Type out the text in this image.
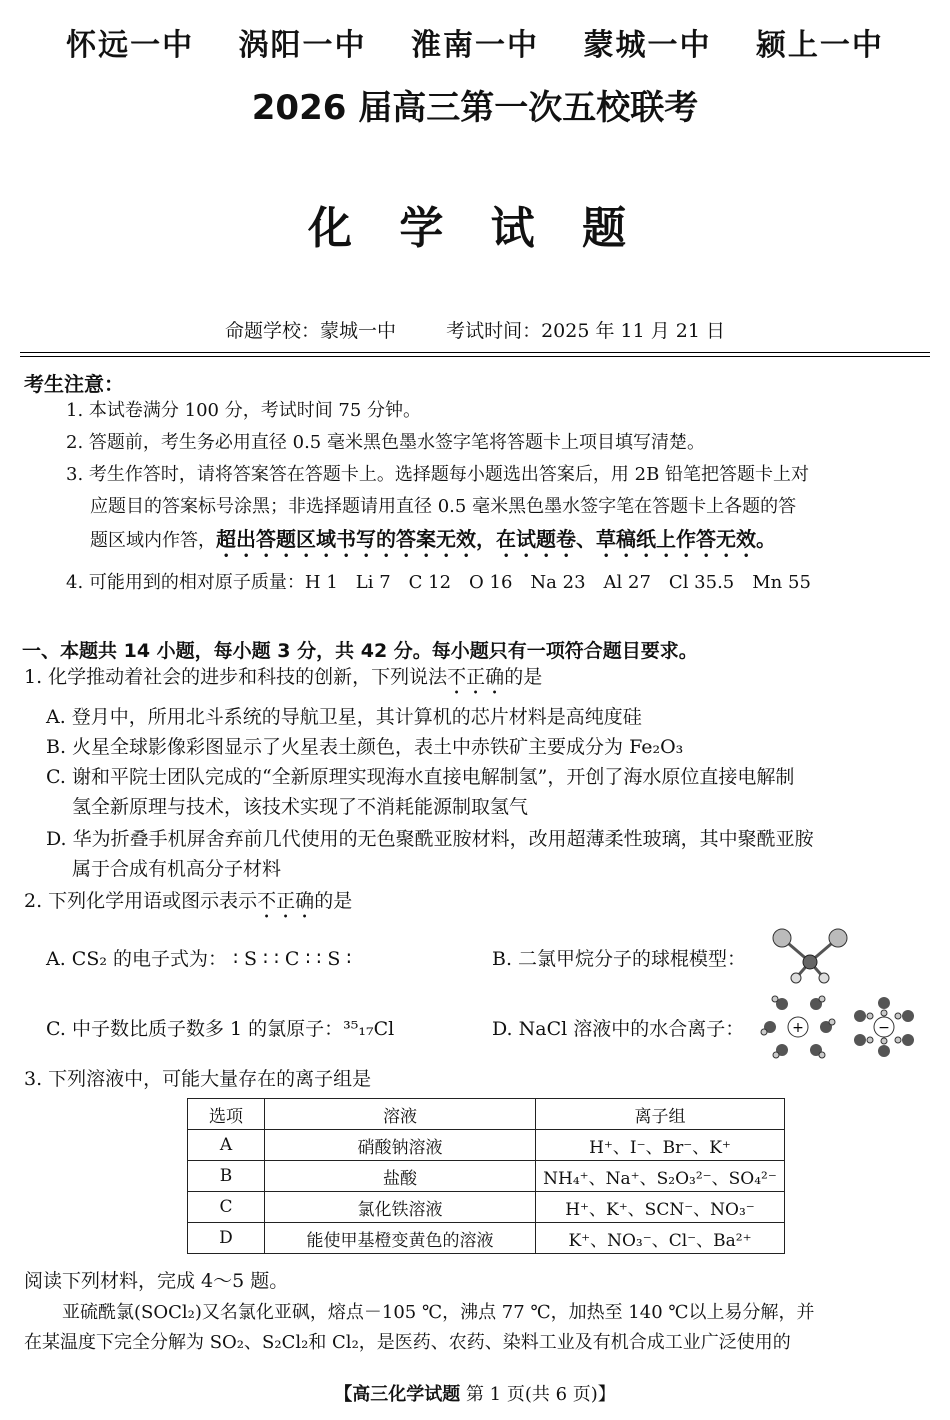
怀远一中 涡阳一中 淮南一中 蒙城一中 颍上一中
2026 届高三第一次五校联考
化 学 试 题
命题学校：蒙城一中	考试时间：2025 年 11 月 21 日
考生注意：
1. 本试卷满分 100 分，考试时间 75 分钟。
2. 答题前，考生务必用直径 0.5 毫米黑色墨水签字笔将答题卡上项目填写清楚。
3. 考生作答时，请将答案答在答题卡上。选择题每小题选出答案后，用 2B 铅笔把答题卡上对
应题目的答案标号涂黑；非选择题请用直径 0.5 毫米黑色墨水签字笔在答题卡上各题的答
题区域内作答，超出答题区域书写的答案无效，在试题卷、草稿纸上作答无效。
4. 可能用到的相对原子质量：H 1　Li 7　C 12　O 16　Na 23　Al 27　Cl 35.5　Mn 55
一、本题共 14 小题，每小题 3 分，共 42 分。每小题只有一项符合题目要求。
1. 化学推动着社会的进步和科技的创新，下列说法不正确的是
A. 登月中，所用北斗系统的导航卫星，其计算机的芯片材料是高纯度硅
B. 火星全球影像彩图显示了火星表土颜色，表土中赤铁矿主要成分为 Fe₂O₃
C. 谢和平院士团队完成的“全新原理实现海水直接电解制氢”，开创了海水原位直接电解制
氢全新原理与技术，该技术实现了不消耗能源制取氢气
D. 华为折叠手机屏舍弃前几代使用的无色聚酰亚胺材料，改用超薄柔性玻璃，其中聚酰亚胺
属于合成有机高分子材料
2. 下列化学用语或图示表示不正确的是
A. CS₂ 的电子式为： ∶S∶∶C∶∶S∶	B. 二氯甲烷分子的球棍模型：
C. 中子数比质子数多 1 的氯原子：³⁵₁₇Cl	D. NaCl 溶液中的水合离子：	+	−
3. 下列溶液中，可能大量存在的离子组是
选项	溶液	离子组
A	硝酸钠溶液	H⁺、I⁻、Br⁻、K⁺
B	盐酸	NH₄⁺、Na⁺、S₂O₃²⁻、SO₄²⁻
C	氯化铁溶液	H⁺、K⁺、SCN⁻、NO₃⁻
D	能使甲基橙变黄色的溶液	K⁺、NO₃⁻、Cl⁻、Ba²⁺
阅读下列材料，完成 4～5 题。
亚硫酰氯(SOCl₂)又名氯化亚砜，熔点－105 ℃，沸点 77 ℃，加热至 140 ℃以上易分解，并
在某温度下完全分解为 SO₂、S₂Cl₂和 Cl₂，是医药、农药、染料工业及有机合成工业广泛使用的
【高三化学试题 第 1 页(共 6 页)】
